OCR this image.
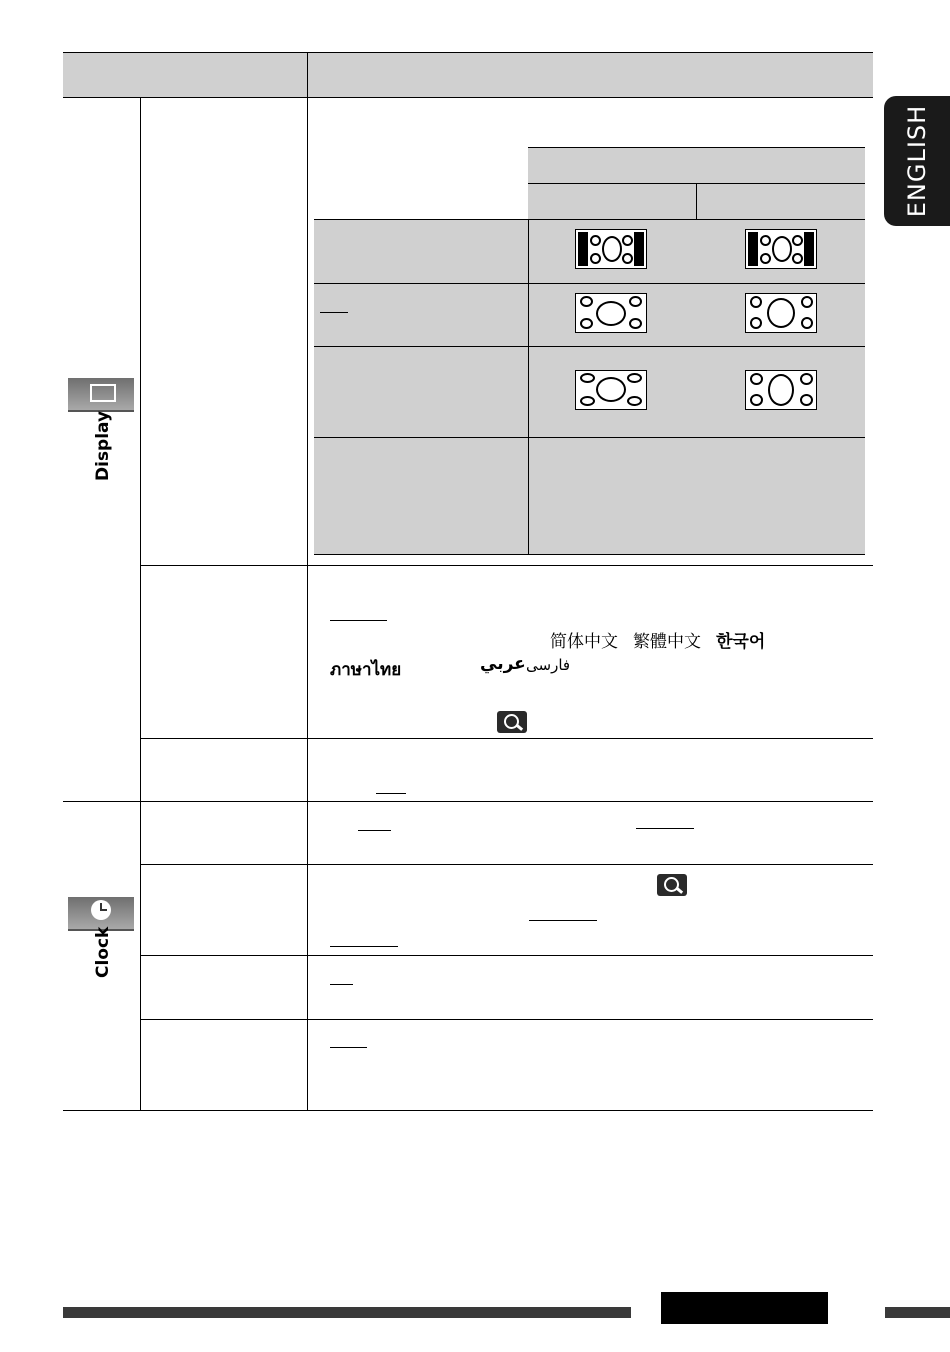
ENGLISH
Display
简体中文 繁體中文 한국어
ภาษาไทย	عربي فارسی
Clock
